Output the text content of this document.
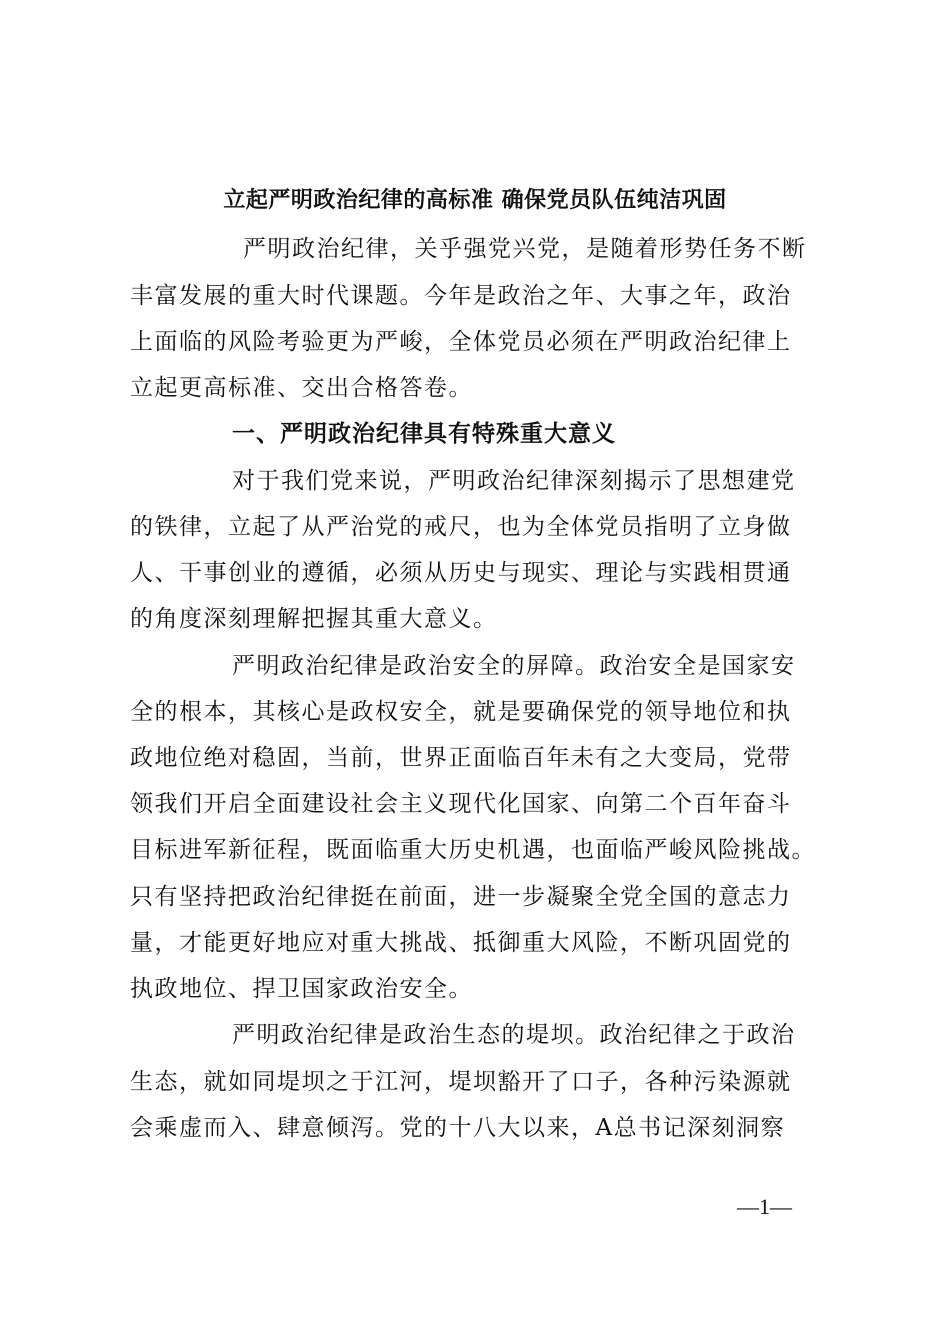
立起严明政治纪律的高标准 确保党员队伍纯洁巩固
严明政治纪律，关乎强党兴党，是随着形势任务不断
丰富发展的重大时代课题。今年是政治之年、大事之年，政治
上面临的风险考验更为严峻，全体党员必须在严明政治纪律上
立起更高标准、交出合格答卷。
一、严明政治纪律具有特殊重大意义
对于我们党来说，严明政治纪律深刻揭示了思想建党
的铁律，立起了从严治党的戒尺，也为全体党员指明了立身做
人、干事创业的遵循，必须从历史与现实、理论与实践相贯通
的角度深刻理解把握其重大意义。
严明政治纪律是政治安全的屏障。政治安全是国家安
全的根本，其核心是政权安全，就是要确保党的领导地位和执
政地位绝对稳固，当前，世界正面临百年未有之大变局，党带
领我们开启全面建设社会主义现代化国家、向第二个百年奋斗
目标进军新征程，既面临重大历史机遇，也面临严峻风险挑战。
只有坚持把政治纪律挺在前面，进一步凝聚全党全国的意志力
量，才能更好地应对重大挑战、抵御重大风险，不断巩固党的
执政地位、捍卫国家政治安全。
严明政治纪律是政治生态的堤坝。政治纪律之于政治
生态，就如同堤坝之于江河，堤坝豁开了口子，各种污染源就
会乘虚而入、肆意倾泻。党的十八大以来，A总书记深刻洞察
—1—
